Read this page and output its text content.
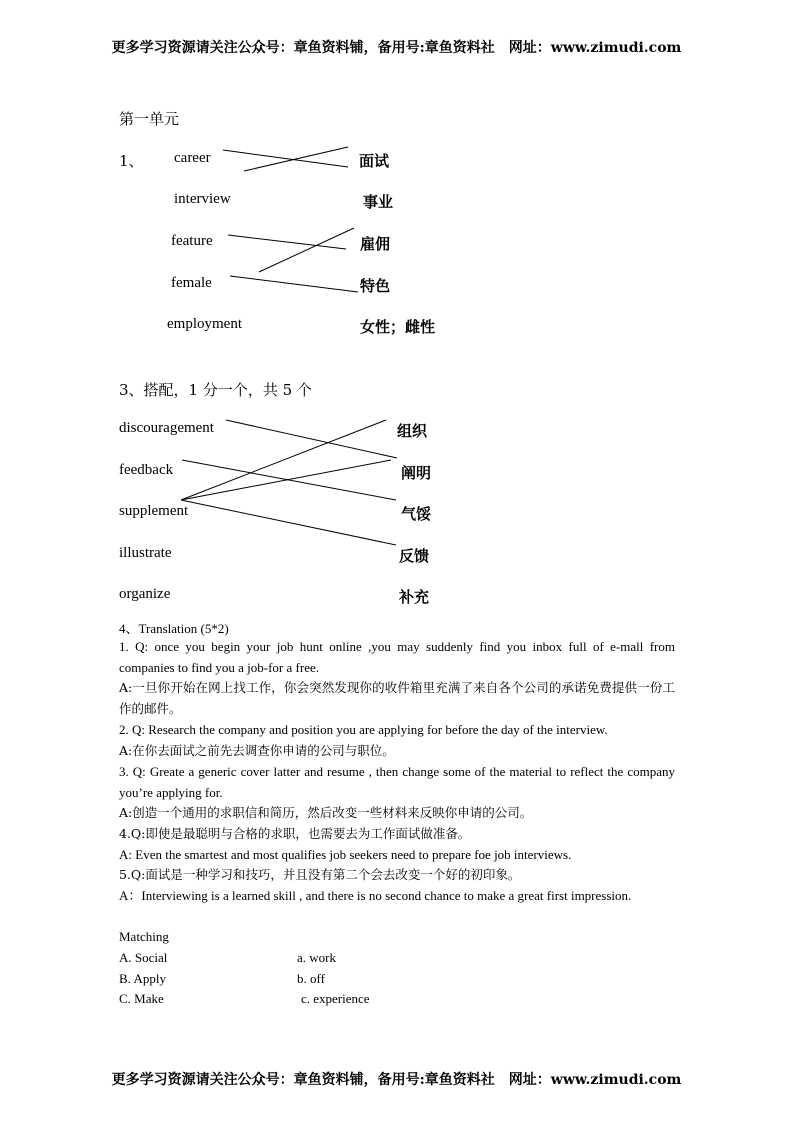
更多学习资源请关注公众号：章鱼资料铺，备用号:章鱼资料社　网址：www.zimudi.com
第一单元
1、 career
interview
feature
female
employment
面试
事业
雇佣
特色
女性；雌性
3、搭配，1 分一个，共 5 个
discouragement
feedback
supplement
illustrate
organize
组织
阐明
气馁
反馈
补充
4、Translation (5*2)
1. Q: once you begin your job hunt online ,you may suddenly find you inbox full of e-mall from companies to find you a job-for a free.
A:一旦你开始在网上找工作，你会突然发现你的收件箱里充满了来自各个公司的承诺免费提供一份工作的邮件。
2. Q: Research the company and position you are applying for before the day of the interview.
A:在你去面试之前先去调查你申请的公司与职位。
3. Q: Greate a generic cover latter and resume , then change some of the material to reflect the company you’re applying for.
A:创造一个通用的求职信和简历，然后改变一些材料来反映你申请的公司。
4.Q:即使是最聪明与合格的求职，也需要去为工作面试做准备。
A: Even the smartest and most qualifies job seekers need to prepare foe job interviews.
5.Q:面试是一种学习和技巧，并且没有第二个会去改变一个好的初印象。
A：Interviewing is a learned skill , and there is no second chance to make a great first impression.
Matching
A. Social
B. Apply
C. Make
a. work
b. off
c. experience
更多学习资源请关注公众号：章鱼资料铺，备用号:章鱼资料社　网址：www.zimudi.com
